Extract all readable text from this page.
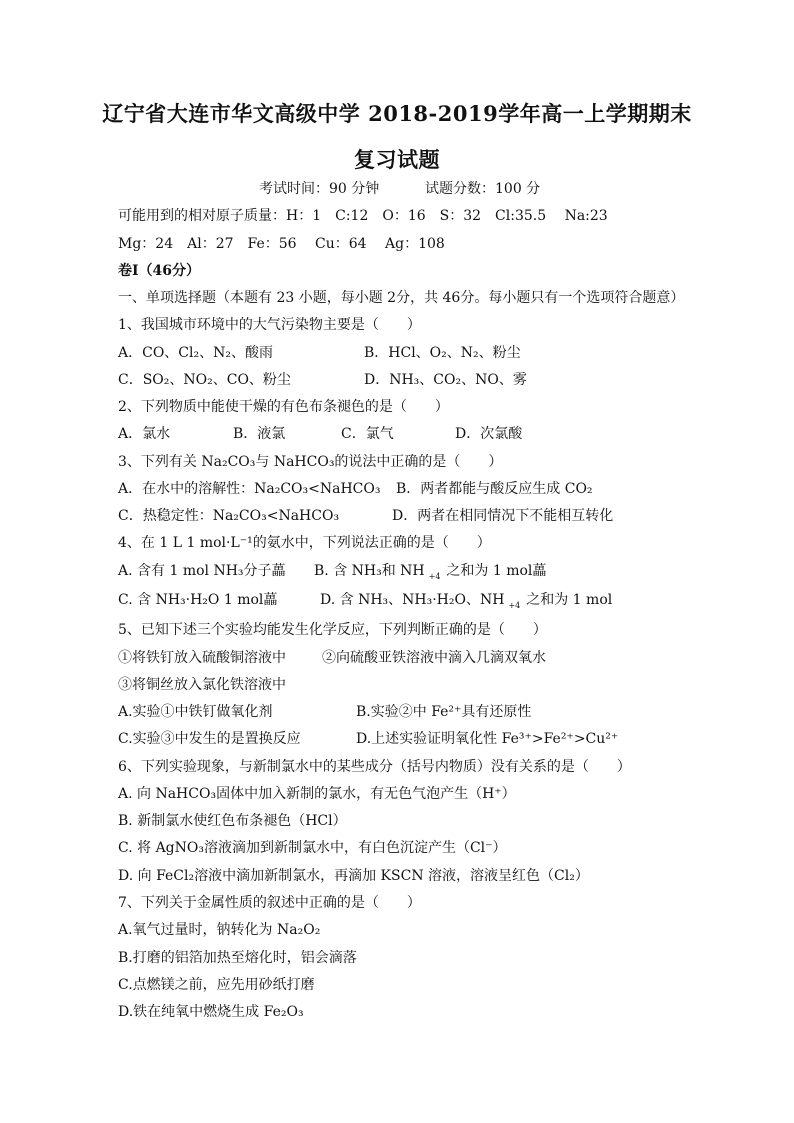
辽宁省大连市华文高级中学 2018-2019学年高一上学期期末
复习试题
考试时间：90 分钟	试题分数：100 分
可能用到的相对原子质量：H：1　C:12　O：16　S：32　Cl:35.5　 Na:23
Mg：24　Al：27　Fe：56　 Cu：64　 Ag：108
卷Ⅰ（46分）
一、单项选择题（本题有 23 小题，每小题 2分，共 46分。每小题只有一个选项符合题意）
1、我国城市环境中的大气污染物主要是（　　）
A．CO、Cl₂、N₂、酸雨	B．HCl、O₂、N₂、粉尘
C．SO₂、NO₂、CO、粉尘	D．NH₃、CO₂、NO、雾
2、下列物质中能使干燥的有色布条褪色的是（　　）
A．氯水	B．液氯	C．氯气	D．次氯酸
3、下列有关 Na₂CO₃与 NaHCO₃的说法中正确的是（　　）
A．在水中的溶解性：Na₂CO₃<NaHCO₃ B．两者都能与酸反应生成 CO₂
C．热稳定性：Na₂CO₃<NaHCO₃	D．两者在相同情况下不能相互转化
4、在 1 L 1 mol·L⁻¹的氨水中，下列说法正确的是（　　）
A. 含有 1 mol NH₃分子藟 B. 含 NH₃和 NH $_{+4}$ 之和为 1 mol藟
C. 含 NH₃·H₂O 1 mol藟	D. 含 NH₃、NH₃·H₂O、NH $_{+4}$ 之和为 1 mol
5、已知下述三个实验均能发生化学反应，下列判断正确的是（　　）
①将铁钉放入硫酸铜溶液中	②向硫酸亚铁溶液中滴入几滴双氧水
③将铜丝放入氯化铁溶液中
A.实验①中铁钉做氧化剂	B.实验②中 Fe²⁺具有还原性
C.实验③中发生的是置换反应	D.上述实验证明氧化性 Fe³⁺>Fe²⁺>Cu²⁺
6、下列实验现象，与新制氯水中的某些成分（括号内物质）没有关系的是（　　）
A. 向 NaHCO₃固体中加入新制的氯水，有无色气泡产生（H⁺）
B. 新制氯水使红色布条褪色（HCl）
C. 将 AgNO₃溶液滴加到新制氯水中，有白色沉淀产生（Cl⁻）
D. 向 FeCl₂溶液中滴加新制氯水，再滴加 KSCN 溶液，溶液呈红色（Cl₂）
7、下列关于金属性质的叙述中正确的是（　　）
A.氧气过量时，钠转化为 Na₂O₂
B.打磨的铝箔加热至熔化时，铝会滴落
C.点燃镁之前，应先用砂纸打磨
D.铁在纯氧中燃烧生成 Fe₂O₃
